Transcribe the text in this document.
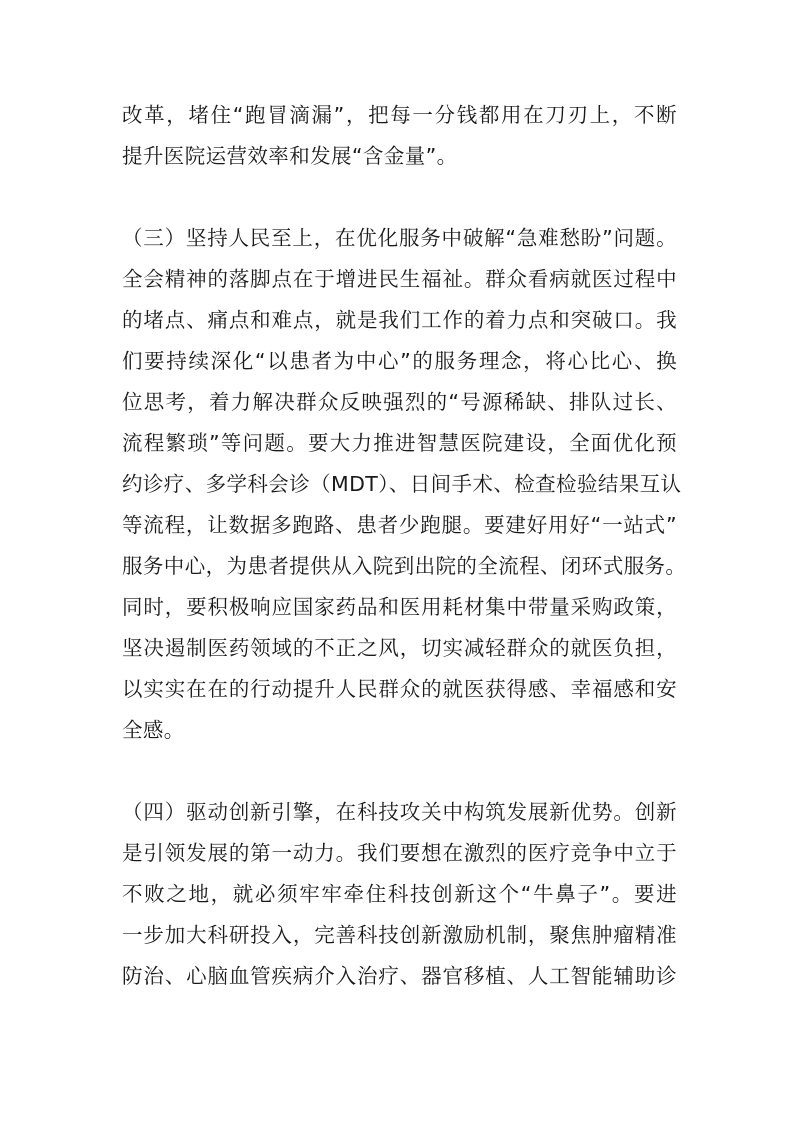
改革，堵住“跑冒滴漏”，把每一分钱都用在刀刃上，不断
提升医院运营效率和发展“含金量”。
（三）坚持人民至上，在优化服务中破解“急难愁盼”问题。
全会精神的落脚点在于增进民生福祉。群众看病就医过程中
的堵点、痛点和难点，就是我们工作的着力点和突破口。我
们要持续深化“以患者为中心”的服务理念，将心比心、换
位思考，着力解决群众反映强烈的“号源稀缺、排队过长、
流程繁琐”等问题。要大力推进智慧医院建设，全面优化预
约诊疗、多学科会诊（MDT）、日间手术、检查检验结果互认
等流程，让数据多跑路、患者少跑腿。要建好用好“一站式”
服务中心，为患者提供从入院到出院的全流程、闭环式服务。
同时，要积极响应国家药品和医用耗材集中带量采购政策，
坚决遏制医药领域的不正之风，切实减轻群众的就医负担，
以实实在在的行动提升人民群众的就医获得感、幸福感和安
全感。
（四）驱动创新引擎，在科技攻关中构筑发展新优势。创新
是引领发展的第一动力。我们要想在激烈的医疗竞争中立于
不败之地，就必须牢牢牵住科技创新这个“牛鼻子”。要进
一步加大科研投入，完善科技创新激励机制，聚焦肿瘤精准
防治、心脑血管疾病介入治疗、器官移植、人工智能辅助诊
